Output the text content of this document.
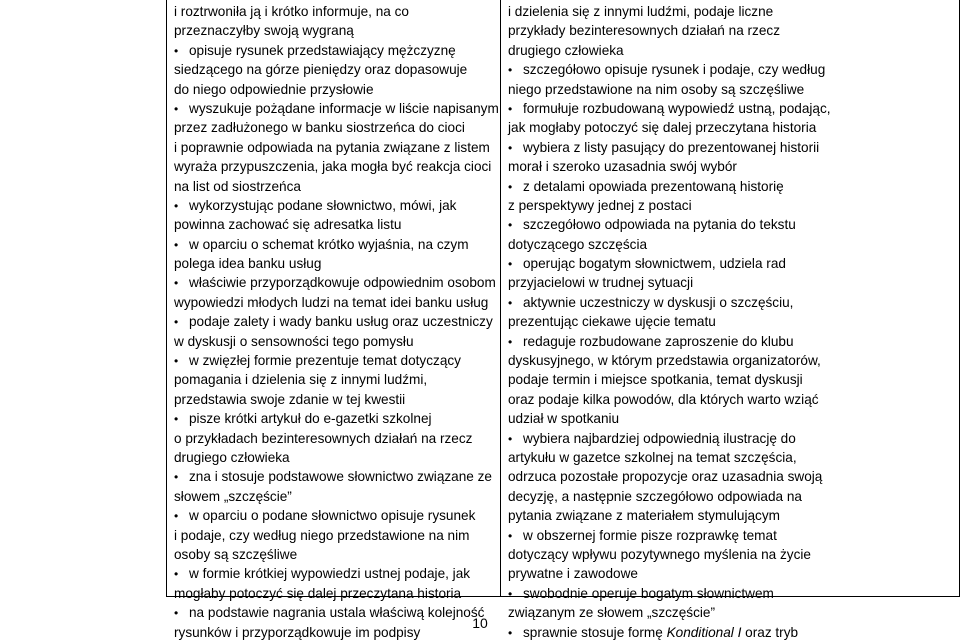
i roztrwoniła ją i krótko informuje, na co
przeznaczyłby swoją wygraną
• opisuje rysunek przedstawiający mężczyznę
siedzącego na górze pieniędzy oraz dopasowuje
do niego odpowiednie przysłowie
• wyszukuje pożądane informacje w liście napisanym
przez zadłużonego w banku siostrzeńca do cioci
i poprawnie odpowiada na pytania związane z listem
wyraża przypuszczenia, jaka mogła być reakcja cioci
na list od siostrzeńca
• wykorzystując podane słownictwo, mówi, jak
powinna zachować się adresatka listu
• w oparciu o schemat krótko wyjaśnia, na czym
polega idea banku usług
• właściwie przyporządkowuje odpowiednim osobom
wypowiedzi młodych ludzi na temat idei banku usług
• podaje zalety i wady banku usług oraz uczestniczy
w dyskusji o sensowności tego pomysłu
• w zwięzłej formie prezentuje temat dotyczący
pomagania i dzielenia się z innymi ludźmi,
przedstawia swoje zdanie w tej kwestii
• pisze krótki artykuł do e-gazetki szkolnej
o przykładach bezinteresownych działań na rzecz
drugiego człowieka
• zna i stosuje podstawowe słownictwo związane ze
słowem „szczęście”
• w oparciu o podane słownictwo opisuje rysunek
i podaje, czy według niego przedstawione na nim
osoby są szczęśliwe
• w formie krótkiej wypowiedzi ustnej podaje, jak
mogłaby potoczyć się dalej przeczytana historia
• na podstawie nagrania ustala właściwą kolejność
rysunków i przyporządkowuje im podpisy
i dzielenia się z innymi ludźmi, podaje liczne
przykłady bezinteresownych działań na rzecz
drugiego człowieka
• szczegółowo opisuje rysunek i podaje, czy według
niego przedstawione na nim osoby są szczęśliwe
• formułuje rozbudowaną wypowiedź ustną, podając,
jak mogłaby potoczyć się dalej przeczytana historia
• wybiera z listy pasujący do prezentowanej historii
morał i szeroko uzasadnia swój wybór
• z detalami opowiada prezentowaną historię
z perspektywy jednej z postaci
• szczegółowo odpowiada na pytania do tekstu
dotyczącego szczęścia
• operując bogatym słownictwem, udziela rad
przyjacielowi w trudnej sytuacji
• aktywnie uczestniczy w dyskusji o szczęściu,
prezentując ciekawe ujęcie tematu
• redaguje rozbudowane zaproszenie do klubu
dyskusyjnego, w którym przedstawia organizatorów,
podaje termin i miejsce spotkania, temat dyskusji
oraz podaje kilka powodów, dla których warto wziąć
udział w spotkaniu
• wybiera najbardziej odpowiednią ilustrację do
artykułu w gazetce szkolnej na temat szczęścia,
odrzuca pozostałe propozycje oraz uzasadnia swoją
decyzję, a następnie szczegółowo odpowiada na
pytania związane z materiałem stymulującym
• w obszernej formie pisze rozprawkę temat
dotyczący wpływu pozytywnego myślenia na życie
prywatne i zawodowe
• swobodnie operuje bogatym słownictwem
związanym ze słowem „szczęście”
• sprawnie stosuje formę Konditional I oraz tryb
10
